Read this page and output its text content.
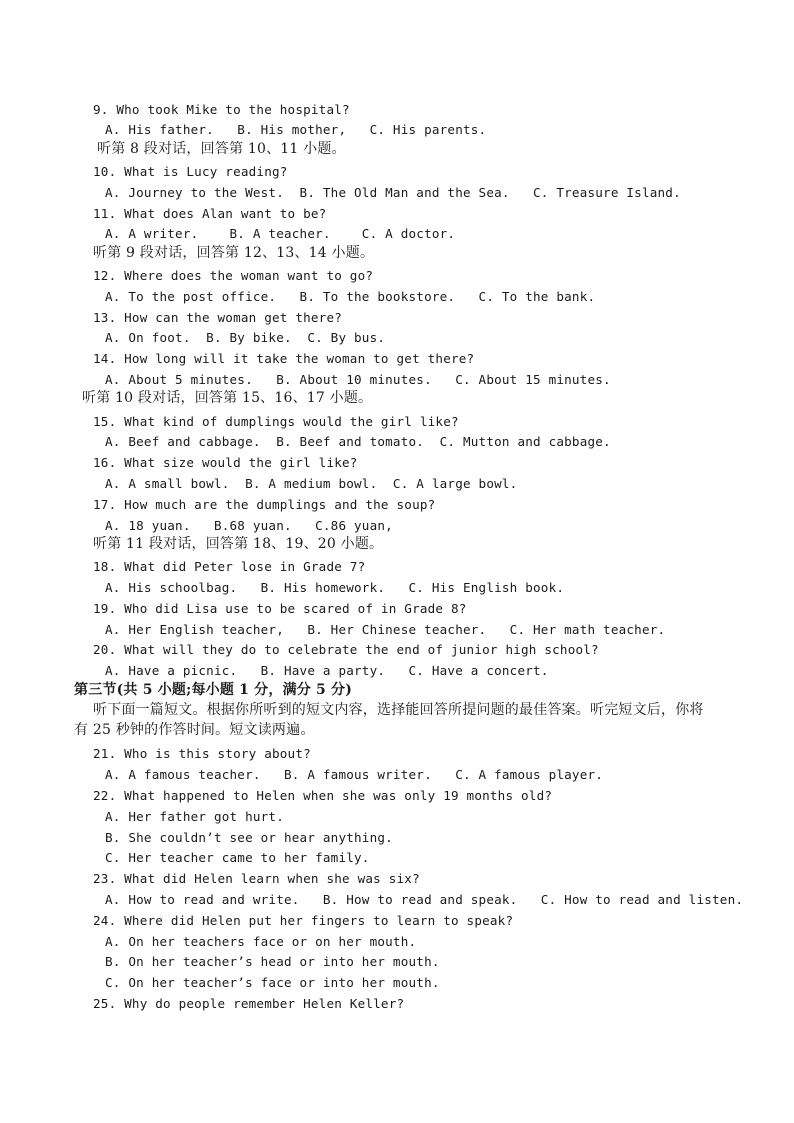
9. Who took Mike to the hospital?
A. His father.   B. His mother,   C. His parents.
听第 8 段对话，回答第 10、11 小题。
10. What is Lucy reading?
A. Journey to the West.  B. The Old Man and the Sea.   C. Treasure Island.
11. What does Alan want to be?
A. A writer.    B. A teacher.    C. A doctor.
听第 9 段对话，回答第 12、13、14 小题。
12. Where does the woman want to go?
A. To the post office.   B. To the bookstore.   C. To the bank.
13. How can the woman get there?
A. On foot.  B. By bike.  C. By bus.
14. How long will it take the woman to get there?
A. About 5 minutes.   B. About 10 minutes.   C. About 15 minutes.
听第 10 段对话，回答第 15、16、17 小题。
15. What kind of dumplings would the girl like?
A. Beef and cabbage.  B. Beef and tomato.  C. Mutton and cabbage.
16. What size would the girl like?
A. A small bowl.  B. A medium bowl.  C. A large bowl.
17. How much are the dumplings and the soup?
A. 18 yuan.   B.68 yuan.   C.86 yuan,
听第 11 段对话，回答第 18、19、20 小题。
18. What did Peter lose in Grade 7?
A. His schoolbag.   B. His homework.   C. His English book.
19. Who did Lisa use to be scared of in Grade 8?
A. Her English teacher,   B. Her Chinese teacher.   C. Her math teacher.
20. What will they do to celebrate the end of junior high school?
A. Have a picnic.   B. Have a party.   C. Have a concert.
第三节(共 5 小题;每小题 1 分，满分 5 分)
听下面一篇短文。根据你所听到的短文内容，选择能回答所提问题的最佳答案。听完短文后，你将
有 25 秒钟的作答时间。短文读两遍。
21. Who is this story about?
A. A famous teacher.   B. A famous writer.   C. A famous player.
22. What happened to Helen when she was only 19 months old?
A. Her father got hurt.
B. She couldn’t see or hear anything.
C. Her teacher came to her family.
23. What did Helen learn when she was six?
A. How to read and write.   B. How to read and speak.   C. How to read and listen.
24. Where did Helen put her fingers to learn to speak?
A. On her teachers face or on her mouth.
B. On her teacher’s head or into her mouth.
C. On her teacher’s face or into her mouth.
25. Why do people remember Helen Keller?
